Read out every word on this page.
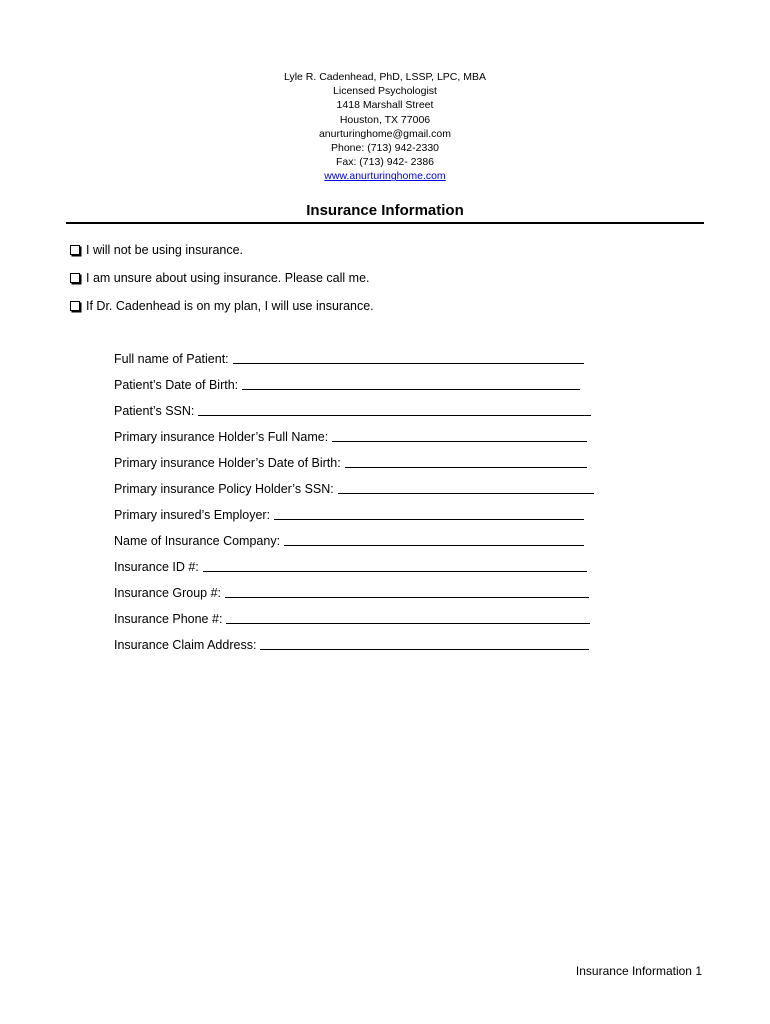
Lyle R. Cadenhead, PhD, LSSP, LPC, MBA
Licensed Psychologist
1418 Marshall Street
Houston, TX 77006
anurturinghome@gmail.com
Phone: (713) 942-2330
Fax: (713) 942- 2386
www.anurturinghome.com
Insurance Information
I will not be using insurance.
I am unsure about using insurance. Please call me.
If Dr. Cadenhead is on my plan, I will use insurance.
Full name of Patient:
Patient’s Date of Birth:
Patient’s SSN:
Primary insurance Holder’s Full Name:
Primary insurance Holder’s Date of Birth:
Primary insurance Policy Holder’s SSN:
Primary insured’s Employer:
Name of Insurance Company:
Insurance ID #:
Insurance Group #:
Insurance Phone #:
Insurance Claim Address:
Insurance Information 1
